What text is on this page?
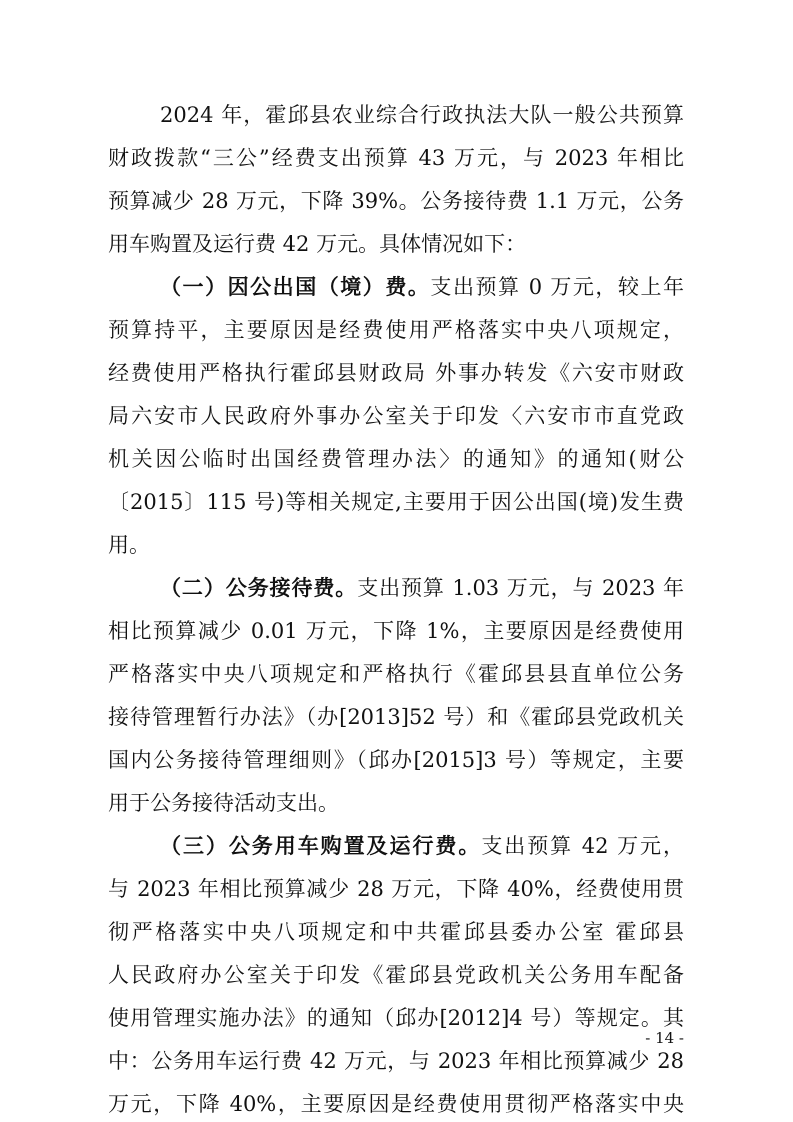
2024 年，霍邱县农业综合行政执法大队一般公共预算
财政拨款“三公”经费支出预算 43 万元，与 2023 年相比
预算减少 28 万元，下降 39%。公务接待费 1.1 万元，公务
用车购置及运行费 42 万元。具体情况如下：
（一）因公出国（境）费。支出预算 0 万元，较上年
预算持平，主要原因是经费使用严格落实中央八项规定，
经费使用严格执行霍邱县财政局 外事办转发《六安市财政
局六安市人民政府外事办公室关于印发〈六安市市直党政
机关因公临时出国经费管理办法〉的通知》的通知(财公
〔2015〕115 号)等相关规定,主要用于因公出国(境)发生费
用。
（二）公务接待费。支出预算 1.03 万元，与 2023 年
相比预算减少 0.01 万元，下降 1%，主要原因是经费使用
严格落实中央八项规定和严格执行《霍邱县县直单位公务
接待管理暂行办法》（办[2013]52 号）和《霍邱县党政机关
国内公务接待管理细则》（邱办[2015]3 号）等规定，主要
用于公务接待活动支出。
（三）公务用车购置及运行费。支出预算 42 万元，
与 2023 年相比预算减少 28 万元，下降 40%，经费使用贯
彻严格落实中央八项规定和中共霍邱县委办公室 霍邱县
人民政府办公室关于印发《霍邱县党政机关公务用车配备
使用管理实施办法》的通知（邱办[2012]4 号）等规定。其
中：公务用车运行费 42 万元，与 2023 年相比预算减少 28
万元，下降 40%，主要原因是经费使用贯彻严格落实中央
- 14 -
